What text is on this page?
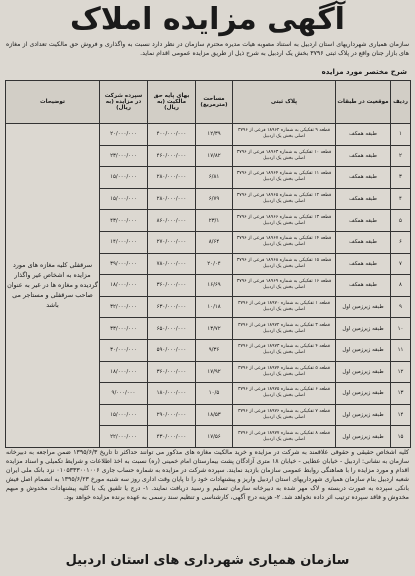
آگهی مزایده املاک
سازمان همیاری شهرداریهای استان اردبیل به استناد مصوبه هیات مدیره محترم سازمان در نظر دارد نسبت به واگذاری و فروش حق مالکیت تعدادی از مغازه های بازار جنان واقع در پلاک ثبتی ۳۷۹۶ بخش یک اردبیل به شرح ذیل از طریق مزایده عمومی اقدام نماید.
شرح مختصر مورد مزایده
ردیف	موقعیت در طبقات	پلاک ثبتی	مساحت (مترمربع)	بهای پایه حق مالکیت (به ریال)	سپرده شرکت در مزایده (به ریال)	توضیحات
۱	طبقه همکف	قطعه ۹ تفکیکی به شماره ۱۸۹۶۲ فرعی از ۳۷۹۶ اصلی بخش یک اردبیل	۱۲/۳۹	۴۰۰/۰۰۰/۰۰۰	۲۰/۰۰۰/۰۰۰	سرقفلی کلیه مغازه های مورد مزایده به اشخاص غیر واگذار گردیده و مغازه ها در غیر به عنوان صاحب سرقفلی و مستاجر می باشد
۲	طبقه همکف	قطعه ۱۰ تفکیکی به شماره ۱۸۹۶۳ فرعی از ۳۷۹۶ اصلی بخش یک اردبیل	۱۷/۸۲	۴۶۰/۰۰۰/۰۰۰	۲۳/۰۰۰/۰۰۰	
۳	طبقه همکف	قطعه ۱۱ تفکیکی به شماره ۱۸۹۶۴ فرعی از ۳۷۹۶ اصلی بخش یک اردبیل	۶/۸۱	۲۸۰/۰۰۰/۰۰۰	۱۵/۰۰۰/۰۰۰	
۴	طبقه همکف	قطعه ۱۲ تفکیکی به شماره ۱۸۹۶۵ فرعی از ۳۷۹۶ اصلی بخش یک اردبیل	۶/۷۹	۲۸۰/۰۰۰/۰۰۰	۱۵/۰۰۰/۰۰۰	
۵	طبقه همکف	قطعه ۱۳ تفکیکی به شماره ۱۸۹۶۶ فرعی از ۳۷۹۶ اصلی بخش یک اردبیل	۲۳/۱	۸۶۰/۰۰۰/۰۰۰	۴۳/۰۰۰/۰۰۰	
۶	طبقه همکف	قطعه ۱۴ تفکیکی به شماره ۱۸۹۶۷ فرعی از ۳۷۹۶ اصلی بخش یک اردبیل	۸/۶۴	۲۷۰/۰۰۰/۰۰۰	۱۴/۰۰۰/۰۰۰	
۷	طبقه همکف	قطعه ۱۵ تفکیکی به شماره ۱۸۹۶۸ فرعی از ۳۷۹۶ اصلی بخش یک اردبیل	۲۰/۰۴	۷۸۰/۰۰۰/۰۰۰	۳۹/۰۰۰/۰۰۰	
۸	طبقه همکف	قطعه ۱۶ تفکیکی به شماره ۱۸۹۶۹ فرعی از ۳۷۹۶ اصلی بخش یک اردبیل	۱۶/۶۹	۳۶۰/۰۰۰/۰۰۰	۱۸/۰۰۰/۰۰۰	
۹	طبقه زیرزمین اول	قطعه ۱ تفکیکی به شماره ۱۸۹۷۰ فرعی از ۳۷۹۶ اصلی بخش یک اردبیل	۱۰/۱۸	۶۳۰/۰۰۰/۰۰۰	۳۲/۰۰۰/۰۰۰	
۱۰	طبقه زیرزمین اول	قطعه ۳ تفکیکی به شماره ۱۸۹۷۲ فرعی از ۳۷۹۶ اصلی بخش یک اردبیل	۱۳/۷۲	۶۵۰/۰۰۰/۰۰۰	۳۳/۰۰۰/۰۰۰	
۱۱	طبقه زیرزمین اول	قطعه ۴ تفکیکی به شماره ۱۸۹۷۳ فرعی از ۳۷۹۶ اصلی بخش یک اردبیل	۹/۳۶	۵۹۰/۰۰۰/۰۰۰	۳۰/۰۰۰/۰۰۰	
۱۲	طبقه زیرزمین اول	قطعه ۵ تفکیکی به شماره ۱۸۹۷۴ فرعی از ۳۷۹۶ اصلی بخش یک اردبیل	۱۷/۹۲	۳۶۰/۰۰۰/۰۰۰	۱۸/۰۰۰/۰۰۰	
۱۳	طبقه زیرزمین اول	قطعه ۶ تفکیکی به شماره ۱۸۹۷۵ فرعی از ۳۷۹۶ اصلی بخش یک اردبیل	۱۰/۵	۱۸۰/۰۰۰/۰۰۰	۹/۰۰۰/۰۰۰	
۱۴	طبقه زیرزمین اول	قطعه ۷ تفکیکی به شماره ۱۸۹۷۶ فرعی از ۳۷۹۶ اصلی بخش یک اردبیل	۱۸/۵۳	۲۹۰/۰۰۰/۰۰۰	۱۵/۰۰۰/۰۰۰	
۱۵	طبقه زیرزمین اول	قطعه ۸ تفکیکی به شماره ۱۸۹۷۷ فرعی از ۳۷۹۶ اصلی بخش یک اردبیل	۱۷/۵۶	۴۳۰/۰۰۰/۰۰۰	۲۲/۰۰۰/۰۰۰	
کلیه اشخاص حقیقی و حقوقی علاقمند به شرکت در مزایده و خرید مالکیت مغازه های مذکور می توانند حداکثر تا تاریخ ۱۳۹۵/۶/۳ ضمن مراجعه به دبیرخانه سازمان به نشانی: اردبیل - خیابان عطایی - خیابان ۱۸ متری آزادگان پشت بیمارستان امام خمینی (ره) نسبت به اخذ اطلاعات و شرایط تکمیلی و اسناد مزایده اقدام و مورد مزایده را با هماهنگی روابط عمومی سازمان بازدید نمایند. سپرده شرکت در مزایده به شماره حساب جاری ۰۱۰۵۳۳۳۰۰۱۰۰۶ نزد بانک ملی ایران شعبه اردبیل بنام سازمان همیاری شهرداریهای استان اردبیل واریز و پیشنهادات خود را تا پایان وقت اداری روز سه شنبه مورخ ۱۳۹۵/۶/۲۳ به انضمام اصل فیش بانکی سپرده به صورت دربسته و لاک مهر شده به دبیرخانه سازمان تسلیم و رسید دریافت نمایند. ۱- درج یا تلفیق یک یا کلیه پیشنهادات مخدوش و مبهم مخدوش و فاقد سپرده ترتیب اثر داده نخواهد شد. ۲- هزینه درج آگهی، کارشناسی و تنظیم سند رسمی به عهده برنده مزایده خواهد بود.
سازمان همیاری شهرداری های استان اردبیل
